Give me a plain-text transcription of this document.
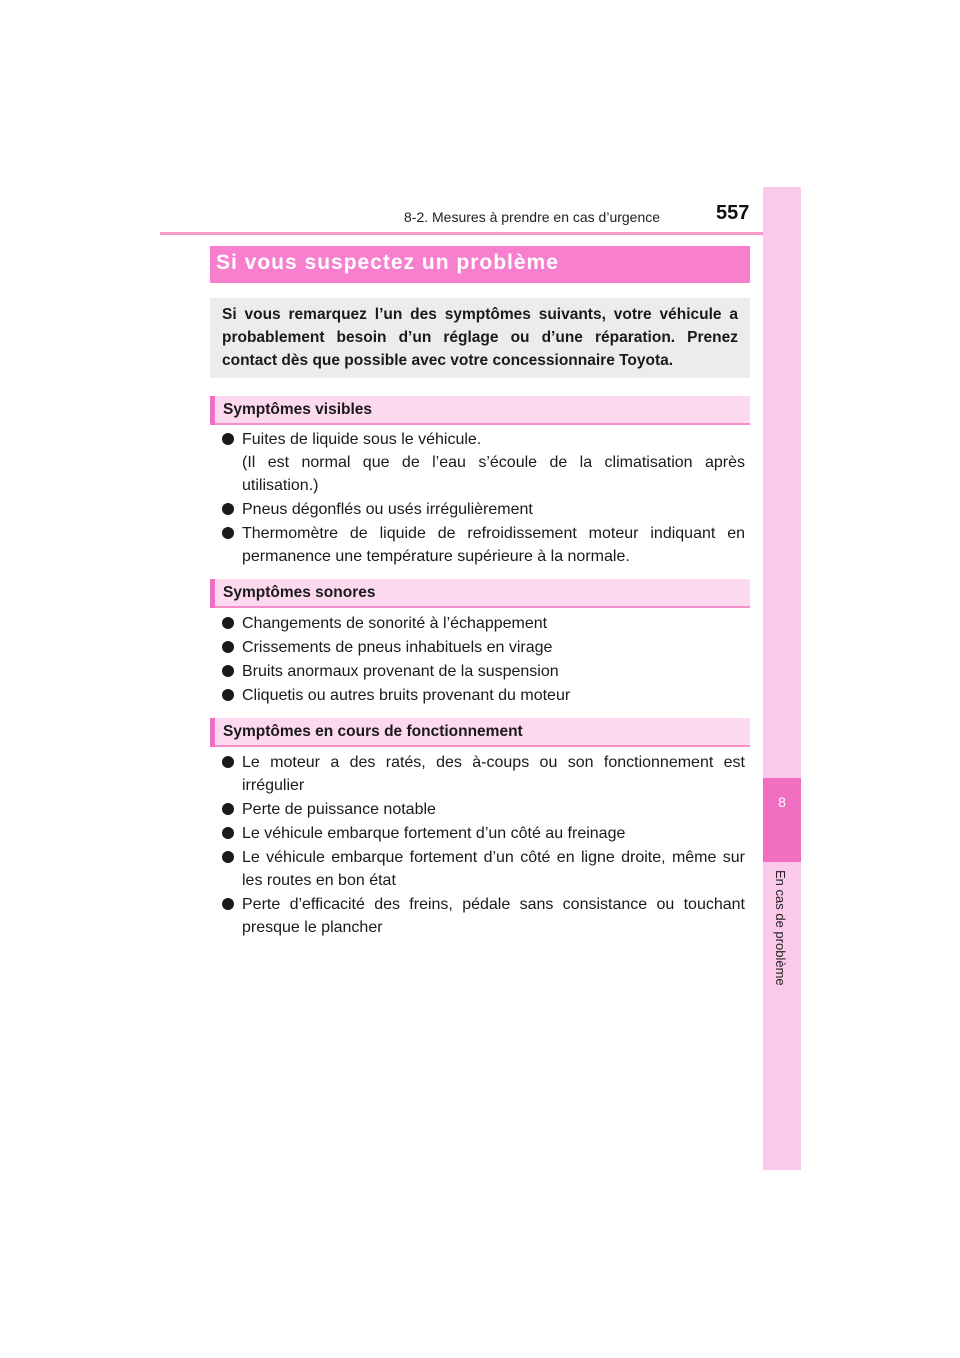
8-2. Mesures à prendre en cas d’urgence	557
8
En cas de problème
Si vous suspectez un problème
Si vous remarquez l’un des symptômes suivants, votre véhicule a probablement besoin d’un réglage ou d’une réparation. Prenez contact dès que possible avec votre concessionnaire Toyota.
Symptômes visibles
Fuites de liquide sous le véhicule.
(Il est normal que de l’eau s’écoule de la climatisation après utilisation.)
Pneus dégonflés ou usés irrégulièrement
Thermomètre de liquide de refroidissement moteur indiquant en permanence une température supérieure à la normale.
Symptômes sonores
Changements de sonorité à l’échappement
Crissements de pneus inhabituels en virage
Bruits anormaux provenant de la suspension
Cliquetis ou autres bruits provenant du moteur
Symptômes en cours de fonctionnement
Le moteur a des ratés, des à-coups ou son fonctionnement est irrégulier
Perte de puissance notable
Le véhicule embarque fortement d’un côté au freinage
Le véhicule embarque fortement d’un côté en ligne droite, même sur les routes en bon état
Perte d’efficacité des freins, pédale sans consistance ou touchant presque le plancher
